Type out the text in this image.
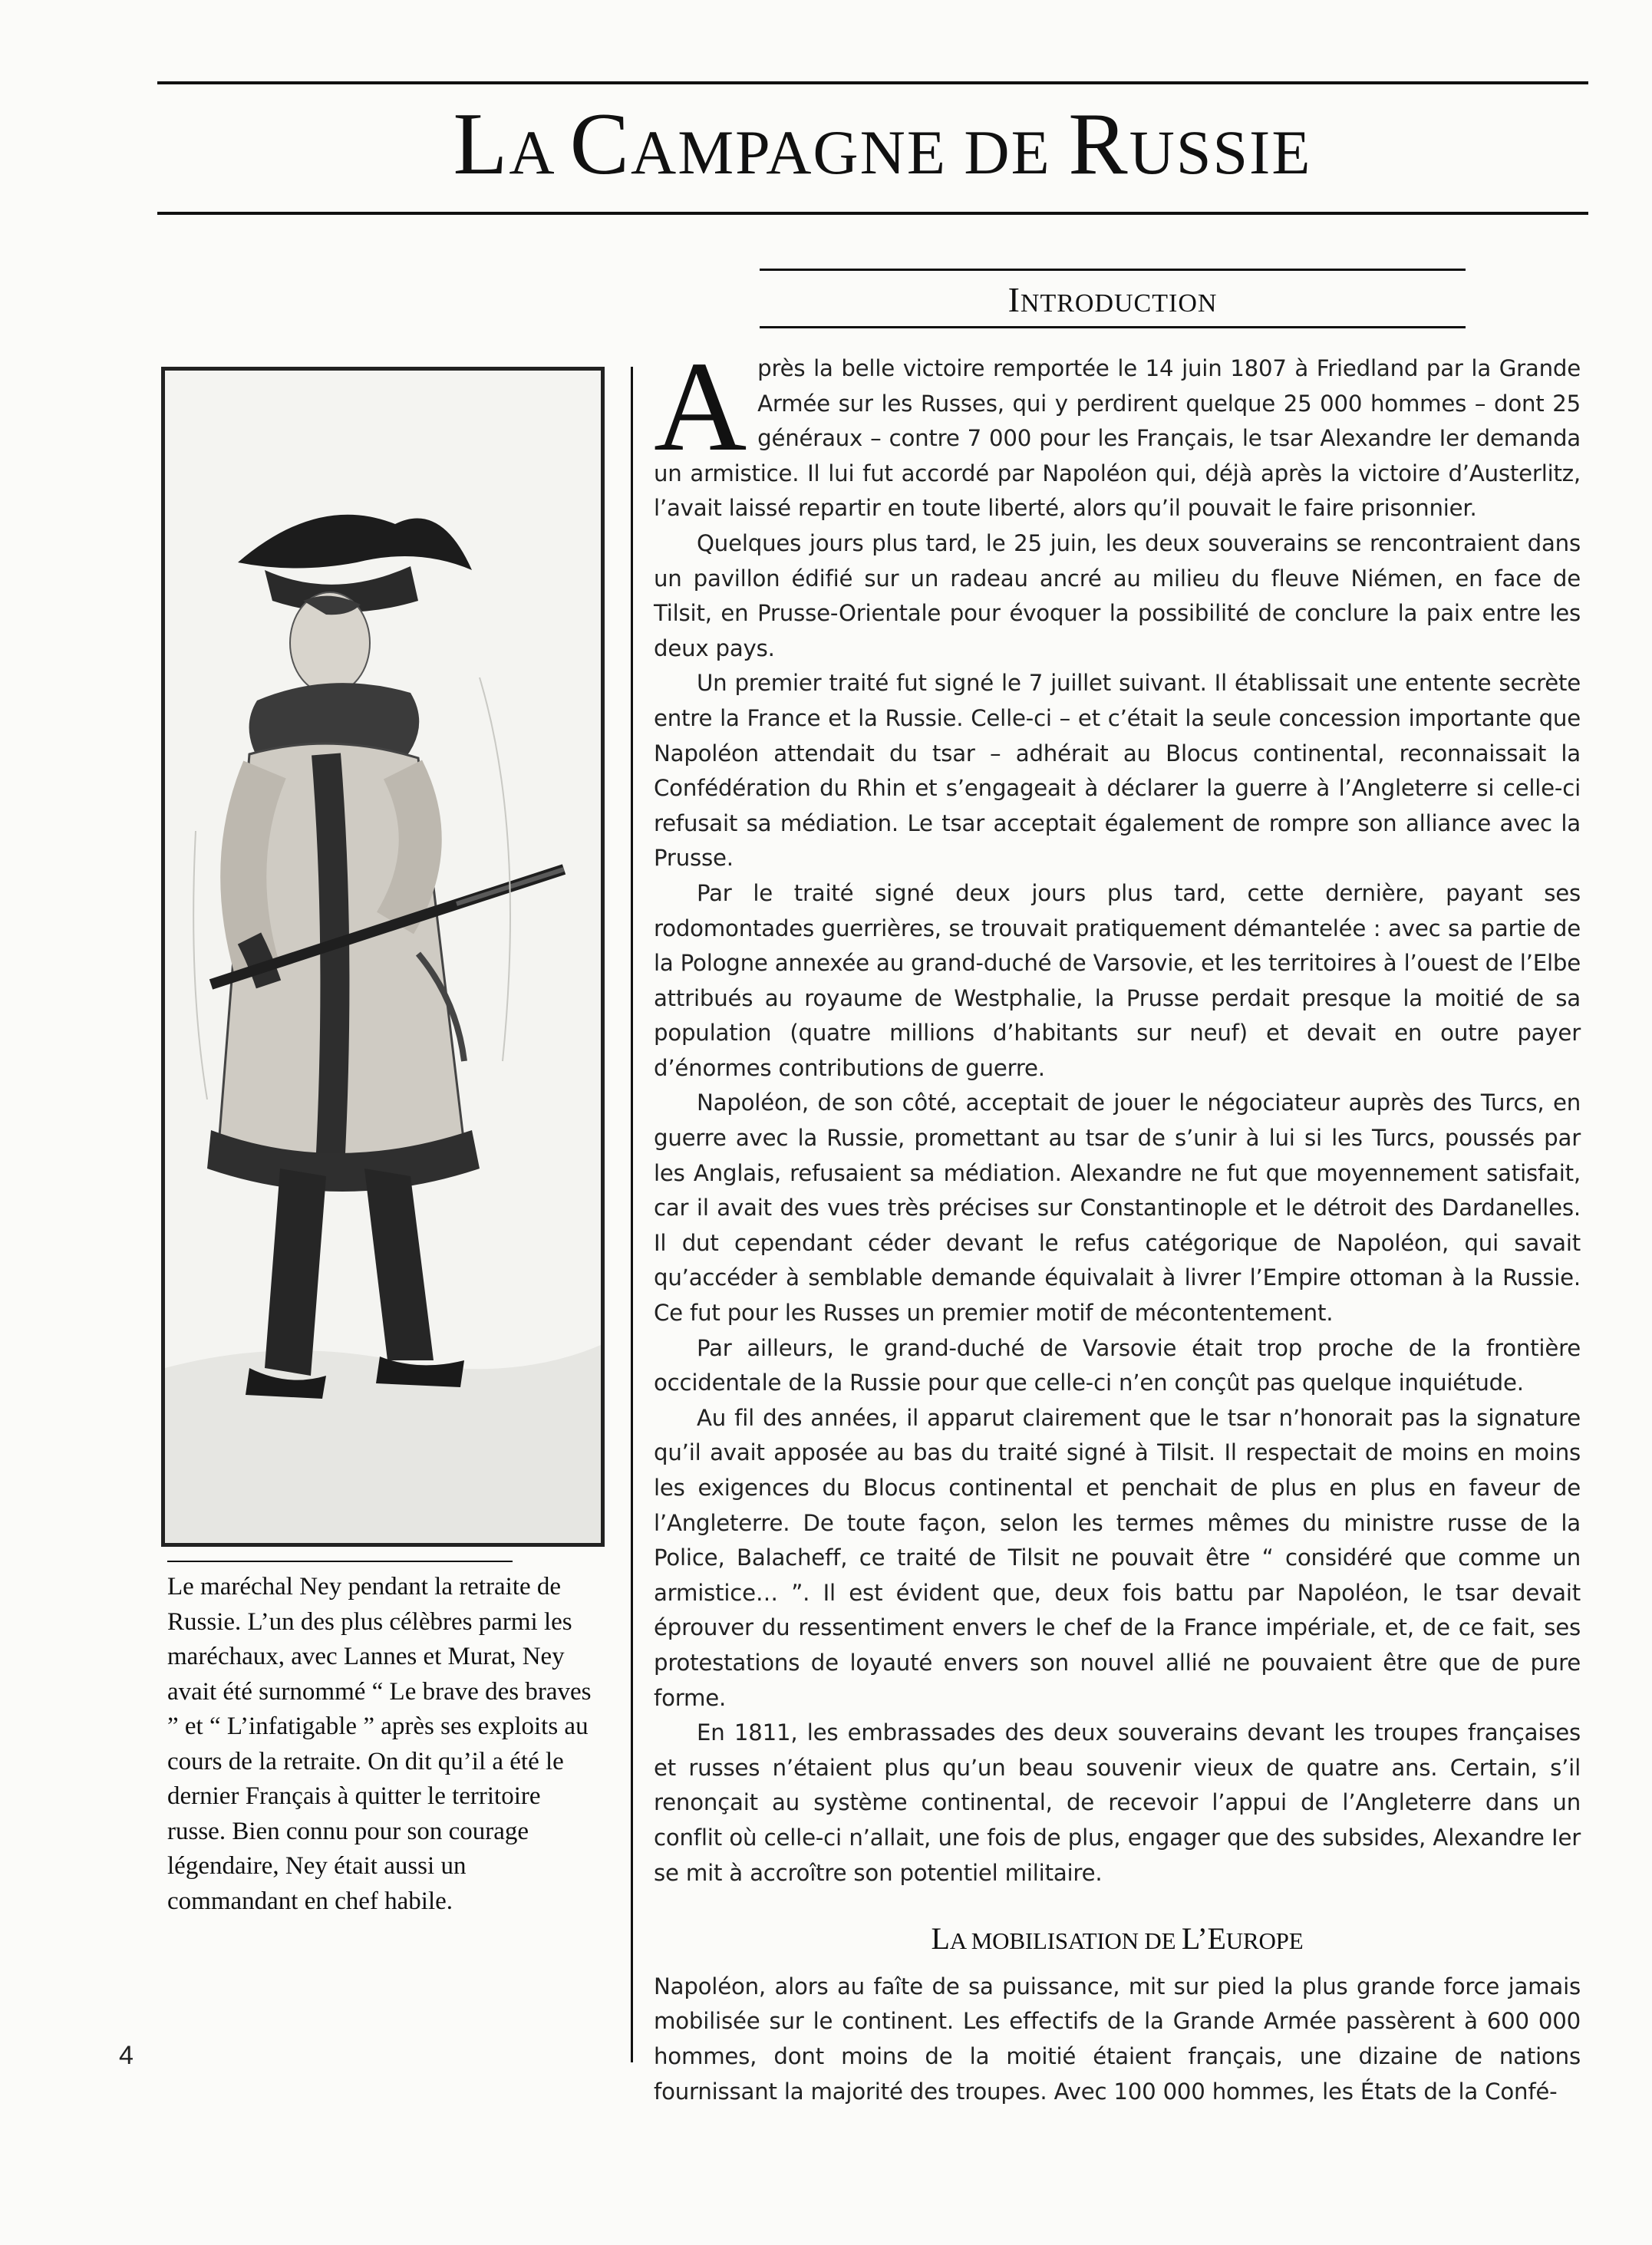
LA CAMPAGNE DE RUSSIE
INTRODUCTION

Le maréchal Ney pendant la retraite de Russie. L’un des plus célèbres parmi les maréchaux, avec Lannes et Murat, Ney avait été surnommé “ Le brave des braves ” et “ L’infatigable ” après ses exploits au cours de la retraite. On dit qu’il a été le dernier Français à quitter le territoire russe. Bien connu pour son courage légendaire, Ney était aussi un commandant en chef habile.

Après la belle victoire remportée le 14 juin 1807 à Friedland par la Grande Armée sur les Russes, qui y perdirent quelque 25 000 hommes – dont 25 généraux – contre 7 000 pour les Français, le tsar Alexandre Ier demanda un armistice. Il lui fut accordé par Napoléon qui, déjà après la victoire d’Austerlitz, l’avait laissé repartir en toute liberté, alors qu’il pouvait le faire prisonnier.

Quelques jours plus tard, le 25 juin, les deux souverains se rencontraient dans un pavillon édifié sur un radeau ancré au milieu du fleuve Niémen, en face de Tilsit, en Prusse-Orientale pour évoquer la possibilité de conclure la paix entre les deux pays.

Un premier traité fut signé le 7 juillet suivant. Il établissait une entente secrète entre la France et la Russie. Celle-ci – et c’était la seule concession importante que Napoléon attendait du tsar – adhérait au Blocus continental, reconnaissait la Confédération du Rhin et s’engageait à déclarer la guerre à l’Angleterre si celle-ci refusait sa médiation. Le tsar acceptait également de rompre son alliance avec la Prusse.

Par le traité signé deux jours plus tard, cette dernière, payant ses rodomontades guerrières, se trouvait pratiquement démantelée : avec sa partie de la Pologne annexée au grand-duché de Varsovie, et les territoires à l’ouest de l’Elbe attribués au royaume de Westphalie, la Prusse perdait presque la moitié de sa population (quatre millions d’habitants sur neuf) et devait en outre payer d’énormes contributions de guerre.

Napoléon, de son côté, acceptait de jouer le négociateur auprès des Turcs, en guerre avec la Russie, promettant au tsar de s’unir à lui si les Turcs, poussés par les Anglais, refusaient sa médiation. Alexandre ne fut que moyennement satisfait, car il avait des vues très précises sur Constantinople et le détroit des Dardanelles. Il dut cependant céder devant le refus catégorique de Napoléon, qui savait qu’accéder à semblable demande équivalait à livrer l’Empire ottoman à la Russie. Ce fut pour les Russes un premier motif de mécontentement.

Par ailleurs, le grand-duché de Varsovie était trop proche de la frontière occidentale de la Russie pour que celle-ci n’en conçût pas quelque inquiétude.

Au fil des années, il apparut clairement que le tsar n’honorait pas la signature qu’il avait apposée au bas du traité signé à Tilsit. Il respectait de moins en moins les exigences du Blocus continental et penchait de plus en plus en faveur de l’Angleterre. De toute façon, selon les termes mêmes du ministre russe de la Police, Balacheff, ce traité de Tilsit ne pouvait être “ considéré que comme un armistice… ”. Il est évident que, deux fois battu par Napoléon, le tsar devait éprouver du ressentiment envers le chef de la France impériale, et, de ce fait, ses protestations de loyauté envers son nouvel allié ne pouvaient être que de pure forme.

En 1811, les embrassades des deux souverains devant les troupes françaises et russes n’étaient plus qu’un beau souvenir vieux de quatre ans. Certain, s’il renonçait au système continental, de recevoir l’appui de l’Angleterre dans un conflit où celle-ci n’allait, une fois de plus, engager que des subsides, Alexandre Ier se mit à accroître son potentiel militaire.

LA MOBILISATION DE L’EUROPE

Napoléon, alors au faîte de sa puissance, mit sur pied la plus grande force jamais mobilisée sur le continent. Les effectifs de la Grande Armée passèrent à 600 000 hommes, dont moins de la moitié étaient français, une dizaine de nations fournissant la majorité des troupes. Avec 100 000 hommes, les États de la Confé-

4
